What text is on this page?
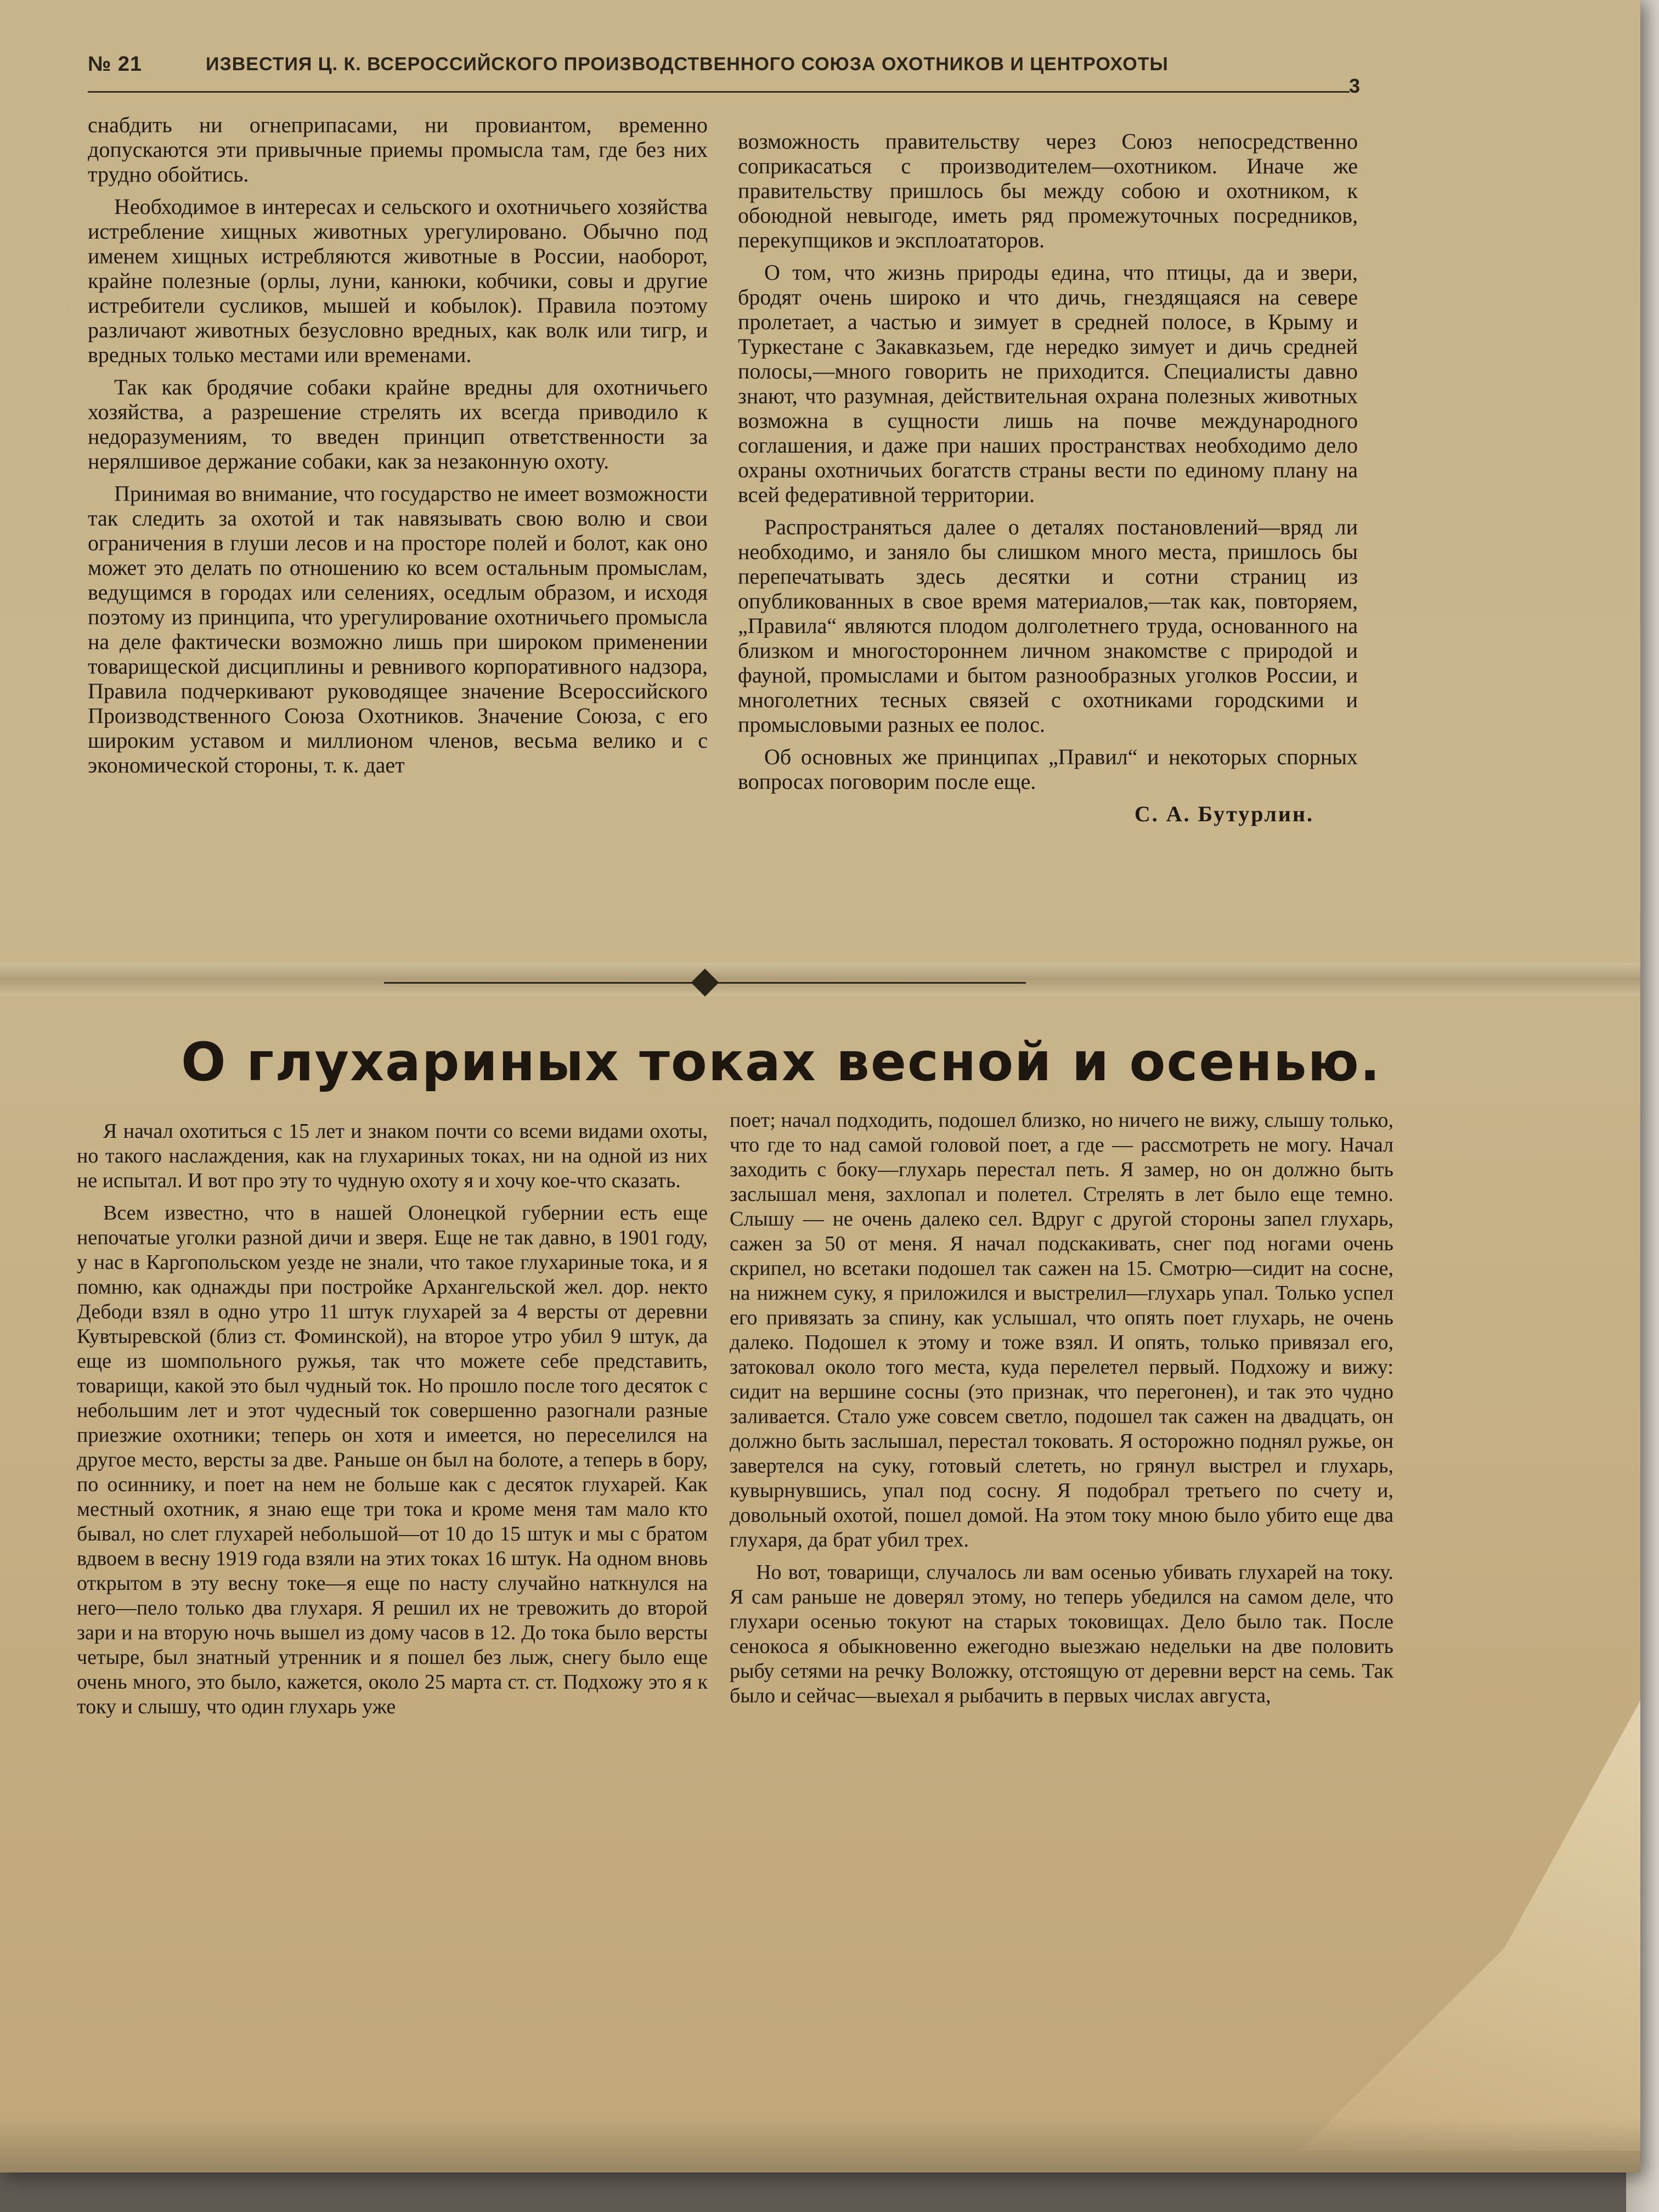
№ 21	ИЗВЕСТИЯ Ц. К. ВСЕРОССИЙСКОГО ПРОИЗВОДСТВЕННОГО СОЮЗА ОХОТНИКОВ И ЦЕНТРОХОТЫ
3

снабдить ни огнеприпасами, ни провиантом, временно допускаются эти привычные приемы промысла там, где без них трудно обойтись.

Необходимое в интересах и сельского и охотничьего хозяйства истребление хищных животных урегулировано. Обычно под именем хищных истребляются животные в России, наоборот, крайне полезные (орлы, луни, канюки, кобчики, совы и другие истребители сусликов, мышей и кобылок). Правила поэтому различают животных безусловно вредных, как волк или тигр, и вредных только местами или временами.

Так как бродячие собаки крайне вредны для охотничьего хозяйства, а разрешение стрелять их всегда приводило к недоразумениям, то введен принцип ответственности за нерялшивое держание собаки, как за незаконную охоту.

Принимая во внимание, что государство не имеет возможности так следить за охотой и так навязывать свою волю и свои ограничения в глуши лесов и на просторе полей и болот, как оно может это делать по отношению ко всем остальным промыслам, ведущимся в городах или селениях, оседлым образом, и исходя поэтому из принципа, что урегулирование охотничьего промысла на деле фактически возможно лишь при широком применении товарищеской дисциплины и ревнивого корпоративного надзора, Правила подчеркивают руководящее значение Всероссийского Производственного Союза Охотников. Значение Союза, с его широким уставом и миллионом членов, весьма велико и с экономической стороны, т. к. дает

возможность правительству через Союз непосредственно соприкасаться с производителем—охотником. Иначе же правительству пришлось бы между собою и охотником, к обоюдной невыгоде, иметь ряд промежуточных посредников, перекупщиков и эксплоататоров.

О том, что жизнь природы едина, что птицы, да и звери, бродят очень широко и что дичь, гнездящаяся на севере пролетает, а частью и зимует в средней полосе, в Крыму и Туркестане с Закавказьем, где нередко зимует и дичь средней полосы,—много говорить не приходится. Специалисты давно знают, что разумная, действительная охрана полезных животных возможна в сущности лишь на почве международного соглашения, и даже при наших пространствах необходимо дело охраны охотничьих богатств страны вести по единому плану на всей федеративной территории.

Распространяться далее о деталях постановлений—вряд ли необходимо, и заняло бы слишком много места, пришлось бы перепечатывать здесь десятки и сотни страниц из опубликованных в свое время материалов,—так как, повторяем, „Правила“ являются плодом долголетнего труда, основанного на близком и многостороннем личном знакомстве с природой и фауной, промыслами и бытом разнообразных уголков России, и многолетних тесных связей с охотниками городскими и промысловыми разных ее полос.

Об основных же принципах „Правил“ и некоторых спорных вопросах поговорим после еще.

С. А. Бутурлин.
О глухариных токах весной и осенью.

Я начал охотиться с 15 лет и знаком почти со всеми видами охоты, но такого наслаждения, как на глухариных токах, ни на одной из них не испытал. И вот про эту то чудную охоту я и хочу кое-что сказать.

Всем известно, что в нашей Олонецкой губернии есть еще непочатые уголки разной дичи и зверя. Еще не так давно, в 1901 году, у нас в Каргопольском уезде не знали, что такое глухариные тока, и я помню, как однажды при постройке Архангельской жел. дор. некто Дебоди взял в одно утро 11 штук глухарей за 4 версты от деревни Кувтыревской (близ ст. Фоминской), на второе утро убил 9 штук, да еще из шомпольного ружья, так что можете себе представить, товарищи, какой это был чудный ток. Но прошло после того десяток с небольшим лет и этот чудесный ток совершенно разогнали разные приезжие охотники; теперь он хотя и имеется, но переселился на другое место, версты за две. Раньше он был на болоте, а теперь в бору, по осиннику, и поет на нем не больше как с десяток глухарей. Как местный охотник, я знаю еще три тока и кроме меня там мало кто бывал, но слет глухарей небольшой—от 10 до 15 штук и мы с братом вдвоем в весну 1919 года взяли на этих токах 16 штук. На одном вновь открытом в эту весну токе—я еще по насту случайно наткнулся на него—пело только два глухаря. Я решил их не тревожить до второй зари и на вторую ночь вышел из дому часов в 12. До тока было версты четыре, был знатный утренник и я пошел без лыж, снегу было еще очень много, это было, кажется, около 25 марта ст. ст. Подхожу это я к току и слышу, что один глухарь уже

поет; начал подходить, подошел близко, но ничего не вижу, слышу только, что где то над самой головой поет, а где — рассмотреть не могу. Начал заходить с боку—глухарь перестал петь. Я замер, но он должно быть заслышал меня, захлопал и полетел. Стрелять в лет было еще темно. Слышу — не очень далеко сел. Вдруг с другой стороны запел глухарь, сажен за 50 от меня. Я начал подскакивать, снег под ногами очень скрипел, но всетаки подошел так сажен на 15. Смотрю—сидит на сосне, на нижнем суку, я приложился и выстрелил—глухарь упал. Только успел его привязать за спину, как услышал, что опять поет глухарь, не очень далеко. Подошел к этому и тоже взял. И опять, только привязал его, затоковал около того места, куда перелетел первый. Подхожу и вижу: сидит на вершине сосны (это признак, что перегонен), и так это чудно заливается. Стало уже совсем светло, подошел так сажен на двадцать, он должно быть заслышал, перестал токовать. Я осторожно поднял ружье, он завертелся на суку, готовый слететь, но грянул выстрел и глухарь, кувырнувшись, упал под сосну. Я подобрал третьего по счету и, довольный охотой, пошел домой. На этом току мною было убито еще два глухаря, да брат убил трех.

Но вот, товарищи, случалось ли вам осенью убивать глухарей на току. Я сам раньше не доверял этому, но теперь убедился на самом деле, что глухари осенью токуют на старых токовищах. Дело было так. После сенокоса я обыкновенно ежегодно выезжаю недельки на две половить рыбу сетями на речку Воложку, отстоящую от деревни верст на семь. Так было и сейчас—выехал я рыбачить в первых числах августа,
